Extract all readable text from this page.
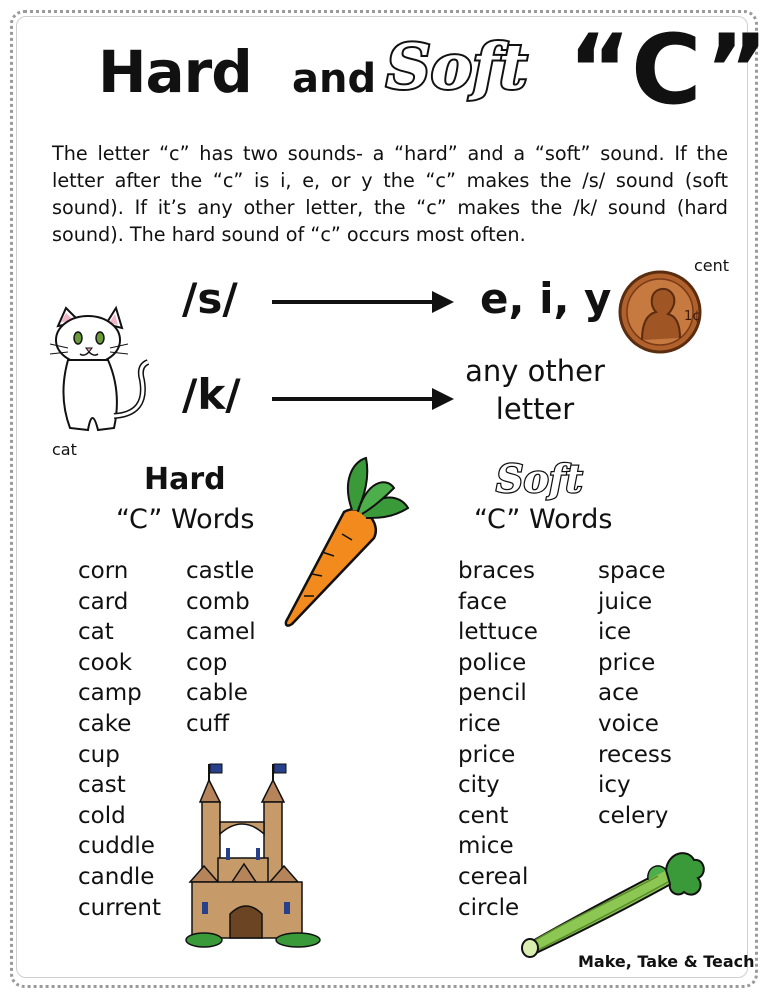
Hard and Soft “C”

The letter “c” has two sounds- a “hard” and a “soft” sound. If the letter after the “c” is i, e, or y the “c” makes the /s/ sound (soft sound). If it’s any other letter, the “c” makes the /k/ sound (hard sound). The hard sound of “c” occurs most often.

/s/	e, i, y
/k/	any other letter
1¢
cent
cat
Hard
“C” Words
Soft
“C” Words
corn
card
cat
cook
camp
cake
cup
cast
cold
cuddle
candle
current
castle
comb
camel
cop
cable
cuff
braces
face
lettuce
police
pencil
rice
price
city
cent
mice
cereal
circle
space
juice
ice
price
ace
voice
recess
icy
celery
Make, Take & Teach
